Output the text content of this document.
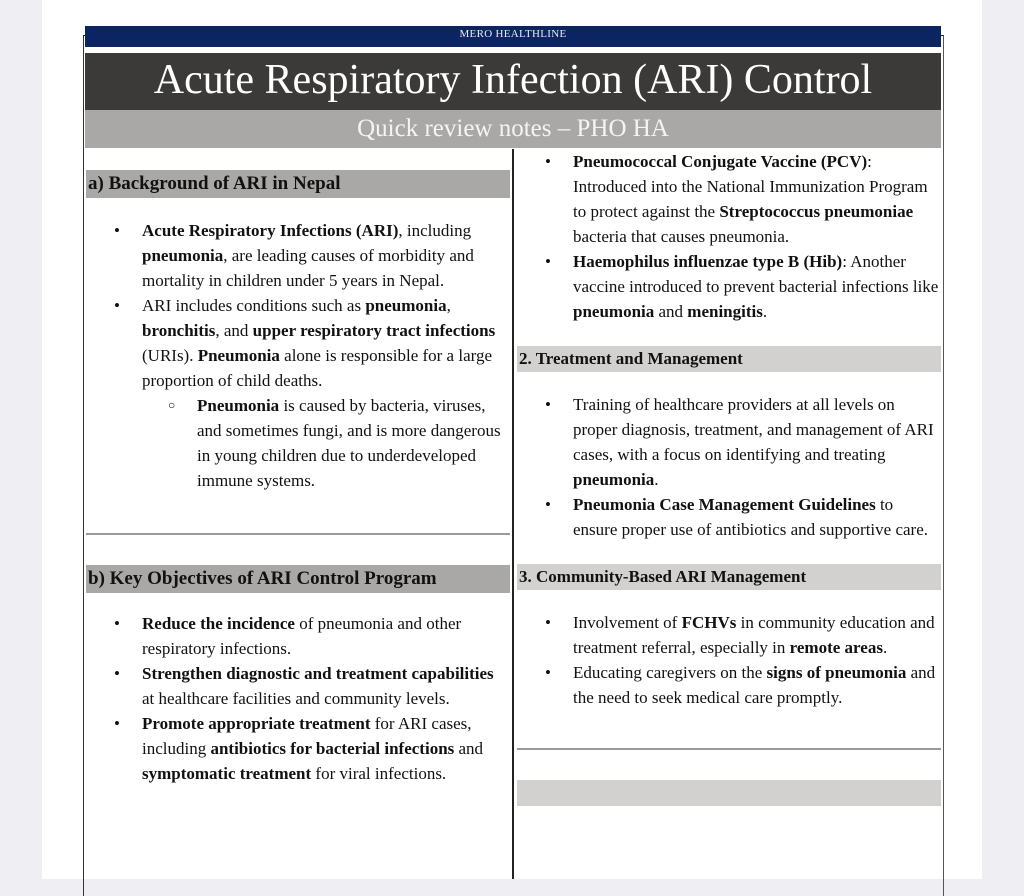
MERO HEALTHLINE
Acute Respiratory Infection (ARI) Control
Quick review notes – PHO HA
a) Background of ARI in Nepal
• Acute Respiratory Infections (ARI), including pneumonia, are leading causes of morbidity and mortality in children under 5 years in Nepal.
• ARI includes conditions such as pneumonia, bronchitis, and upper respiratory tract infections (URIs). Pneumonia alone is responsible for a large proportion of child deaths.
○ Pneumonia is caused by bacteria, viruses, and sometimes fungi, and is more dangerous in young children due to underdeveloped immune systems.
b) Key Objectives of ARI Control Program
• Reduce the incidence of pneumonia and other respiratory infections.
• Strengthen diagnostic and treatment capabilities at healthcare facilities and community levels.
• Promote appropriate treatment for ARI cases, including antibiotics for bacterial infections and symptomatic treatment for viral infections.
• Pneumococcal Conjugate Vaccine (PCV): Introduced into the National Immunization Program to protect against the Streptococcus pneumoniae bacteria that causes pneumonia.
• Haemophilus influenzae type B (Hib): Another vaccine introduced to prevent bacterial infections like pneumonia and meningitis.
2. Treatment and Management
• Training of healthcare providers at all levels on proper diagnosis, treatment, and management of ARI cases, with a focus on identifying and treating pneumonia.
• Pneumonia Case Management Guidelines to ensure proper use of antibiotics and supportive care.
3. Community-Based ARI Management
• Involvement of FCHVs in community education and treatment referral, especially in remote areas.
• Educating caregivers on the signs of pneumonia and the need to seek medical care promptly.
